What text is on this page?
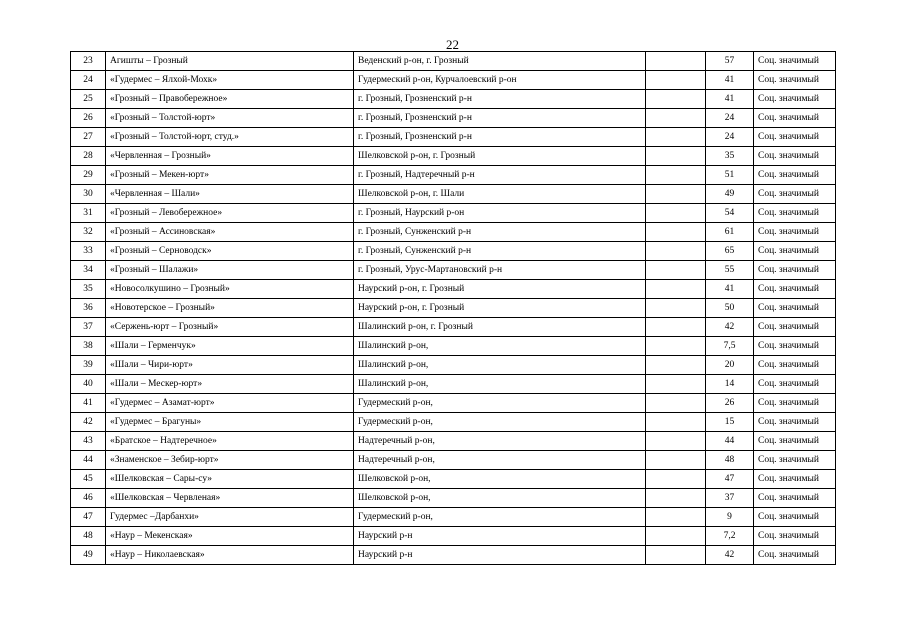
22
23	Агишты – Грозный	Веденский р-он, г. Грозный		57	Соц. значимый
24	«Гудермес – Ялхой-Мохк»	Гудермеский р-он, Курчалоевский р-он		41	Соц. значимый
25	«Грозный – Правобережное»	г. Грозный, Грозненский р-н		41	Соц. значимый
26	«Грозный – Толстой-юрт»	г. Грозный, Грозненский р-н		24	Соц. значимый
27	«Грозный – Толстой-юрт, студ.»	г. Грозный, Грозненский р-н		24	Соц. значимый
28	«Червленная – Грозный»	Шелковской р-он, г. Грозный		35	Соц. значимый
29	«Грозный – Мекен-юрт»	г. Грозный, Надтеречный р-н		51	Соц. значимый
30	«Червленная – Шали»	Шелковской р-он, г. Шали		49	Соц. значимый
31	«Грозный – Левобережное»	г. Грозный, Наурский р-он		54	Соц. значимый
32	«Грозный – Ассиновская»	г. Грозный, Сунженский р-н		61	Соц. значимый
33	«Грозный – Серноводск»	г. Грозный, Сунженский р-н		65	Соц. значимый
34	«Грозный – Шалажи»	г. Грозный, Урус-Мартановский р-н		55	Соц. значимый
35	«Новосолкушино – Грозный»	Наурский р-он, г. Грозный		41	Соц. значимый
36	«Новотерское – Грозный»	Наурский р-он, г. Грозный		50	Соц. значимый
37	«Сержень-юрт – Грозный»	Шалинский р-он, г. Грозный		42	Соц. значимый
38	«Шали – Герменчук»	Шалинский р-он,		7,5	Соц. значимый
39	«Шали – Чири-юрт»	Шалинский р-он,		20	Соц. значимый
40	«Шали – Мескер-юрт»	Шалинский р-он,		14	Соц. значимый
41	«Гудермес – Азамат-юрт»	Гудермеский р-он,		26	Соц. значимый
42	«Гудермес – Брагуны»	Гудермеский р-он,		15	Соц. значимый
43	«Братское – Надтеречное»	Надтеречный р-он,		44	Соц. значимый
44	«Знаменское – Зебир-юрт»	Надтеречный р-он,		48	Соц. значимый
45	«Шелковская – Сары-су»	Шелковской р-он,		47	Соц. значимый
46	«Шелковская – Червленая»	Шелковской р-он,		37	Соц. значимый
47	Гудермес –Дарбанхи»	Гудермеский р-он,		9	Соц. значимый
48	«Наур – Мекенская»	Наурский р-н		7,2	Соц. значимый
49	«Наур – Николаевская»	Наурский р-н		42	Соц. значимый
